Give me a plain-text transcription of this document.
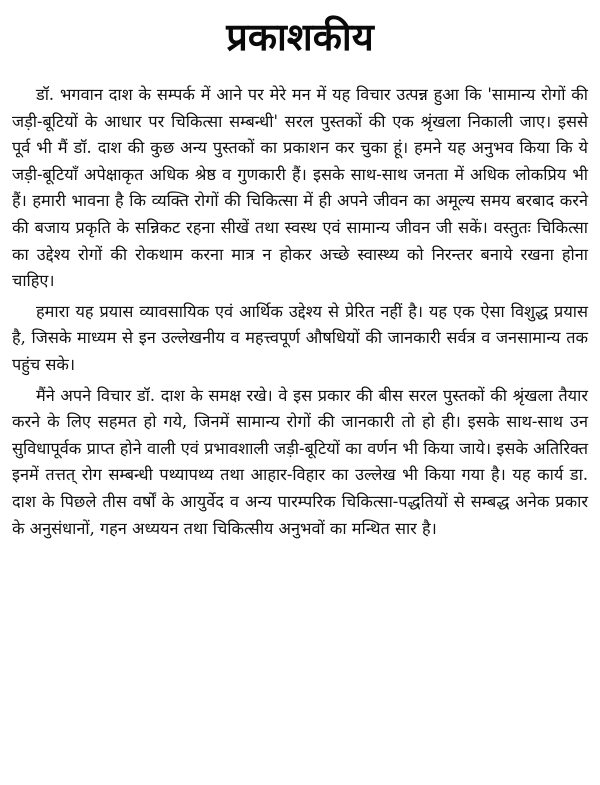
प्रकाशकीय

डॉ. भगवान दाश के सम्पर्क में आने पर मेरे मन में यह विचार उत्पन्न हुआ कि 'सामान्य रोगों की जड़ी-बूटियों के आधार पर चिकित्सा सम्बन्धी' सरल पुस्तकों की एक श्रृंखला निकाली जाए। इससे पूर्व भी मैं डॉ. दाश की कुछ अन्य पुस्तकों का प्रकाशन कर चुका हूं। हमने यह अनुभव किया कि ये जड़ी-बूटियाँ अपेक्षाकृत अधिक श्रेष्ठ व गुणकारी हैं। इसके साथ-साथ जनता में अधिक लोकप्रिय भी हैं। हमारी भावना है कि व्यक्ति रोगों की चिकित्सा में ही अपने जीवन का अमूल्य समय बरबाद करने की बजाय प्रकृति के सन्निकट रहना सीखें तथा स्वस्थ एवं सामान्य जीवन जी सकें। वस्तुतः चिकित्सा का उद्देश्य रोगों की रोकथाम करना मात्र न होकर अच्छे स्वास्थ्य को निरन्तर बनाये रखना होना चाहिए।

हमारा यह प्रयास व्यावसायिक एवं आर्थिक उद्देश्य से प्रेरित नहीं है। यह एक ऐसा विशुद्ध प्रयास है, जिसके माध्यम से इन उल्लेखनीय व महत्त्वपूर्ण औषधियों की जानकारी सर्वत्र व जनसामान्य तक पहुंच सके।

मैंने अपने विचार डॉ. दाश के समक्ष रखे। वे इस प्रकार की बीस सरल पुस्तकों की श्रृंखला तैयार करने के लिए सहमत हो गये, जिनमें सामान्य रोगों की जानकारी तो हो ही। इसके साथ-साथ उन सुविधापूर्वक प्राप्त होने वाली एवं प्रभावशाली जड़ी-बूटियों का वर्णन भी किया जाये। इसके अतिरिक्त इनमें तत्तत् रोग सम्बन्धी पथ्यापथ्य तथा आहार-विहार का उल्लेख भी किया गया है। यह कार्य डा. दाश के पिछले तीस वर्षों के आयुर्वेद व अन्य पारम्परिक चिकित्सा-पद्धतियों से सम्बद्ध अनेक प्रकार के अनुसंधानों, गहन अध्ययन तथा चिकित्सीय अनुभवों का मन्थित सार है।
